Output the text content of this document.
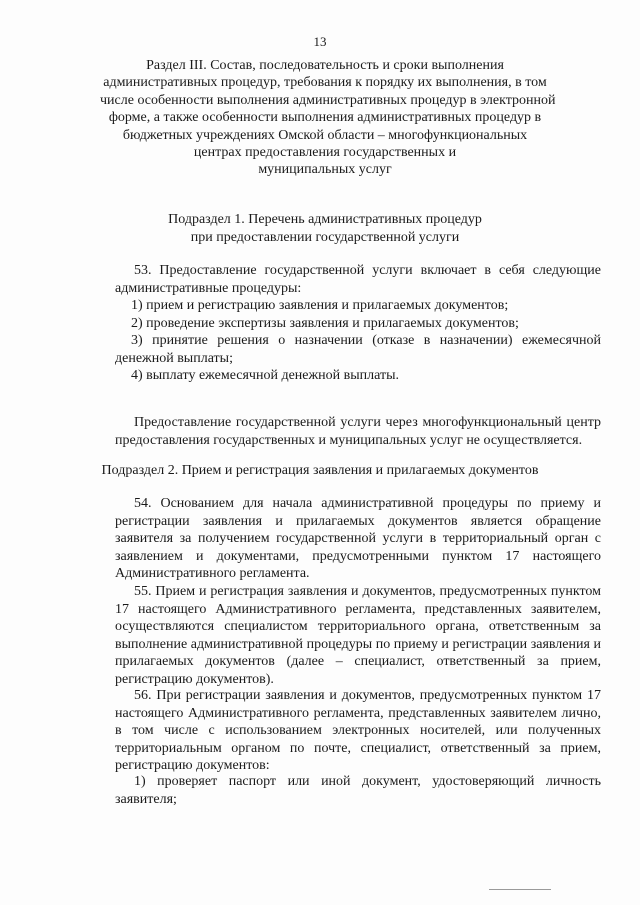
13
Раздел III. Состав, последовательность и сроки выполнения
административных процедур, требования к порядку их выполнения, в том
числе особенности выполнения административных процедур в электронной
форме, а также особенности выполнения административных процедур в
бюджетных учреждениях Омской области – многофункциональных
центрах предоставления государственных и
муниципальных услуг
Подраздел 1. Перечень административных процедур
при предоставлении государственной услуги

53. Предоставление государственной услуги включает в себя следующие административные процедуры:

1) прием и регистрацию заявления и прилагаемых документов;

2) проведение экспертизы заявления и прилагаемых документов;

3) принятие решения о назначении (отказе в назначении) ежемесячной денежной выплаты;

4) выплату ежемесячной денежной выплаты.

Предоставление государственной услуги через многофункциональный центр предоставления государственных и муниципальных услуг не осуществляется.

Подраздел 2. Прием и регистрация заявления и прилагаемых документов

54. Основанием для начала административной процедуры по приему и регистрации заявления и прилагаемых документов является обращение заявителя за получением государственной услуги в территориальный орган с заявлением и документами, предусмотренными пунктом 17 настоящего Административного регламента.

55. Прием и регистрация заявления и документов, предусмотренных пунктом 17 настоящего Административного регламента, представленных заявителем, осуществляются специалистом территориального органа, ответственным за выполнение административной процедуры по приему и регистрации заявления и прилагаемых документов (далее – специалист, ответственный за прием, регистрацию документов).

56. При регистрации заявления и документов, предусмотренных пунктом 17 настоящего Административного регламента, представленных заявителем лично, в том числе с использованием электронных носителей, или полученных территориальным органом по почте, специалист, ответственный за прием, регистрацию документов:

1) проверяет паспорт или иной документ, удостоверяющий личность заявителя;
